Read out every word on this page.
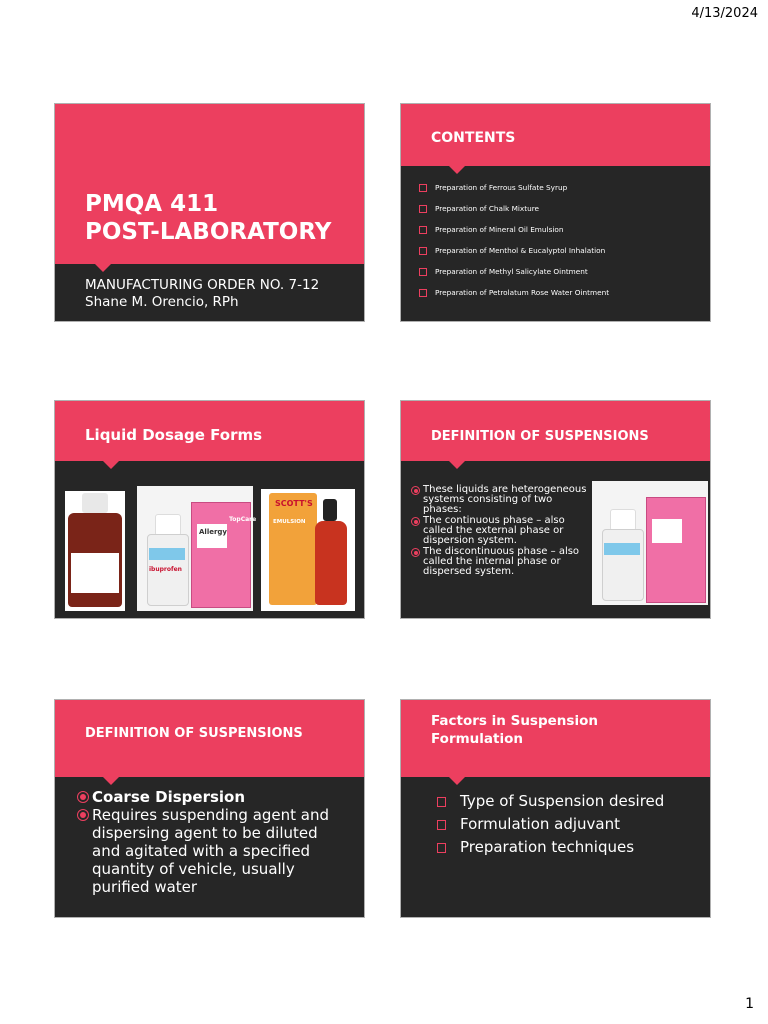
4/13/2024
PMQA 411
POST-LABORATORY
MANUFACTURING ORDER NO. 7-12
Shane M. Orencio, RPh
CONTENTS
Preparation of Ferrous Sulfate Syrup
Preparation of Chalk Mixture
Preparation of Mineral Oil Emulsion
Preparation of Menthol & Eucalyptol Inhalation
Preparation of Methyl Salicylate Ointment
Preparation of Petrolatum Rose Water Ointment
Liquid Dosage Forms
ibuprofen
Allergy
TopCare
SCOTT'S
EMULSION
DEFINITION OF SUSPENSIONS
These liquids are heterogeneous systems consisting of two phases:
The continuous phase – also called the external phase or dispersion system.
The discontinuous phase – also called the internal phase or dispersed system.
DEFINITION OF SUSPENSIONS
Coarse Dispersion
Requires suspending agent and dispersing agent to be diluted and agitated with a specified quantity of vehicle, usually purified water
Factors in Suspension Formulation
Type of Suspension desired
Formulation adjuvant
Preparation techniques
1
